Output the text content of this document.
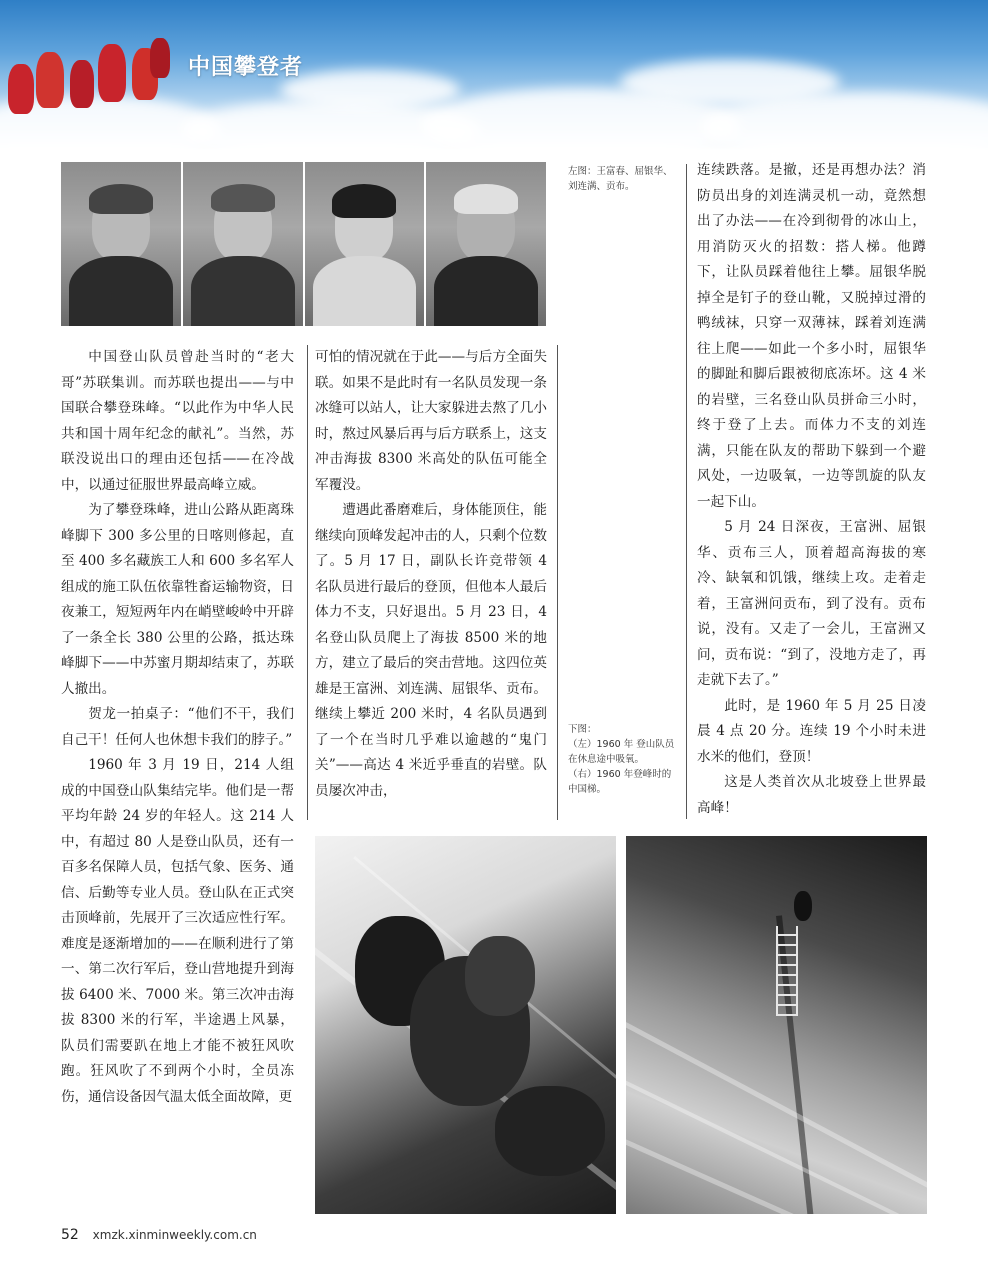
中国攀登者
左图：王富春、屈银华、刘连满、贡布。

中国登山队员曾赴当时的“老大哥”苏联集训。而苏联也提出——与中国联合攀登珠峰。“以此作为中华人民共和国十周年纪念的献礼”。当然，苏联没说出口的理由还包括——在冷战中，以通过征服世界最高峰立威。

为了攀登珠峰，进山公路从距离珠峰脚下 300 多公里的日喀则修起，直至 400 多名藏族工人和 600 多名军人组成的施工队伍依靠牲畜运输物资，日夜兼工，短短两年内在峭壁峻岭中开辟了一条全长 380 公里的公路，抵达珠峰脚下——中苏蜜月期却结束了，苏联人撤出。

贺龙一拍桌子：“他们不干，我们自己干！任何人也休想卡我们的脖子。”

1960 年 3 月 19 日，214 人组成的中国登山队集结完毕。他们是一帮平均年龄 24 岁的年轻人。这 214 人中，有超过 80 人是登山队员，还有一百多名保障人员，包括气象、医务、通信、后勤等专业人员。登山队在正式突击顶峰前，先展开了三次适应性行军。难度是逐渐增加的——在顺利进行了第一、第二次行军后，登山营地提升到海拔 6400 米、7000 米。第三次冲击海拔 8300 米的行军，半途遇上风暴，队员们需要趴在地上才能不被狂风吹跑。狂风吹了不到两个小时，全员冻伤，通信设备因气温太低全面故障，更

可怕的情况就在于此——与后方全面失联。如果不是此时有一名队员发现一条冰缝可以站人，让大家躲进去熬了几小时，熬过风暴后再与后方联系上，这支冲击海拔 8300 米高处的队伍可能全军覆没。

遭遇此番磨难后，身体能顶住，能继续向顶峰发起冲击的人，只剩个位数了。5 月 17 日，副队长许竞带领 4 名队员进行最后的登顶，但他本人最后体力不支，只好退出。5 月 23 日，4 名登山队员爬上了海拔 8500 米的地方，建立了最后的突击营地。这四位英雄是王富洲、刘连满、屈银华、贡布。继续上攀近 200 米时，4 名队员遇到了一个在当时几乎难以逾越的“鬼门关”——高达 4 米近乎垂直的岩壁。队员屡次冲击，

下图：
（左）1960 年 登山队员在休息途中吸氧。
（右）1960 年登峰时的中国梯。

连续跌落。是撤，还是再想办法？消防员出身的刘连满灵机一动，竟然想出了办法——在冷到彻骨的冰山上，用消防灭火的招数：搭人梯。他蹲下，让队员踩着他往上攀。屈银华脱掉全是钉子的登山靴，又脱掉过滑的鸭绒袜，只穿一双薄袜，踩着刘连满往上爬——如此一个多小时，屈银华的脚趾和脚后跟被彻底冻坏。这 4 米的岩壁，三名登山队员拼命三小时，终于登了上去。而体力不支的刘连满，只能在队友的帮助下躲到一个避风处，一边吸氧，一边等凯旋的队友一起下山。

5 月 24 日深夜，王富洲、屈银华、贡布三人，顶着超高海拔的寒冷、缺氧和饥饿，继续上攻。走着走着，王富洲问贡布，到了没有。贡布说，没有。又走了一会儿，王富洲又问，贡布说：“到了，没地方走了，再走就下去了。”

此时，是 1960 年 5 月 25 日凌晨 4 点 20 分。连续 19 个小时未进水米的他们，登顶！

这是人类首次从北坡登上世界最高峰！

52 xmzk.xinminweekly.com.cn
